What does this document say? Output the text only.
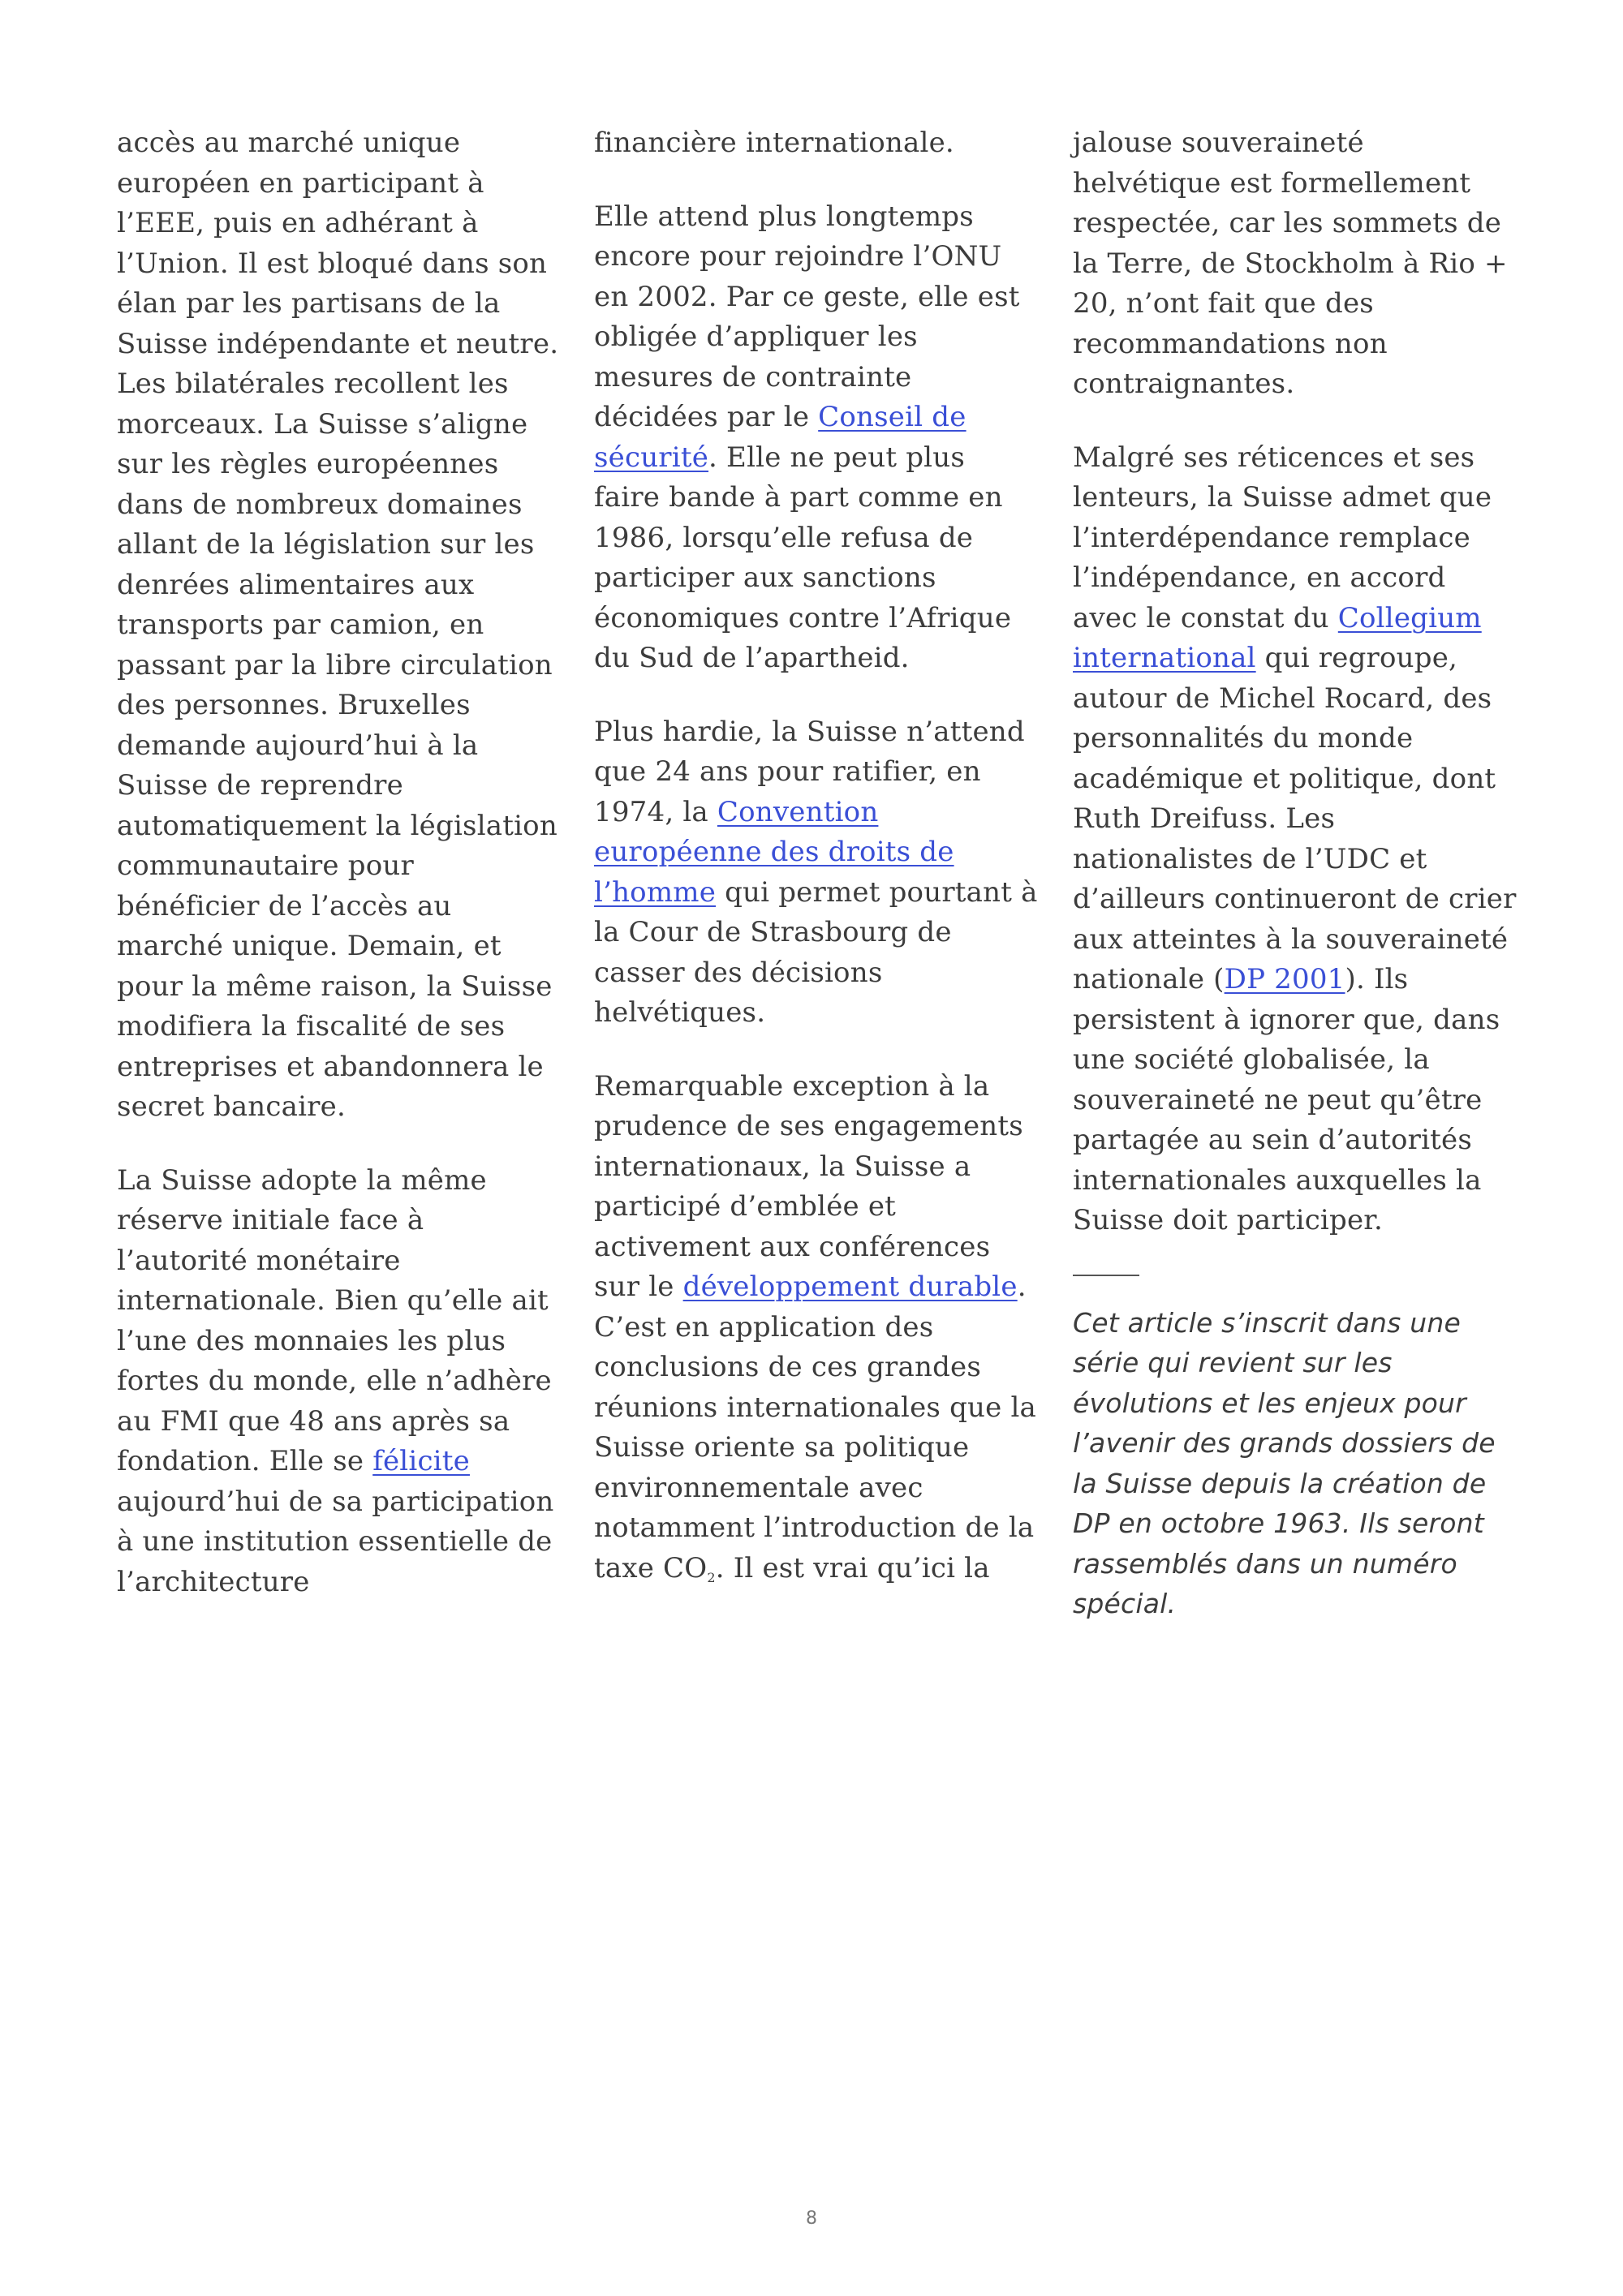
accès au marché unique européen en participant à l’EEE, puis en adhérant à l’Union. Il est bloqué dans son élan par les partisans de la Suisse indépendante et neutre. Les bilatérales recollent les morceaux. La Suisse s’aligne sur les règles européennes dans de nombreux domaines allant de la législation sur les denrées alimentaires aux transports par camion, en passant par la libre circulation des personnes. Bruxelles demande aujourd’hui à la Suisse de reprendre automatiquement la législation communautaire pour bénéficier de l’accès au marché unique. Demain, et pour la même raison, la Suisse modifiera la fiscalité de ses entreprises et abandonnera le secret bancaire.

La Suisse adopte la même réserve initiale face à l’autorité monétaire internationale. Bien qu’elle ait l’une des monnaies les plus fortes du monde, elle n’adhère au FMI que 48 ans après sa fondation. Elle se félicite aujourd’hui de sa participation à une institution essentielle de l’architecture

financière internationale.

Elle attend plus longtemps encore pour rejoindre l’ONU en 2002. Par ce geste, elle est obligée d’appliquer les mesures de contrainte décidées par le Conseil de sécurité. Elle ne peut plus faire bande à part comme en 1986, lorsqu’elle refusa de participer aux sanctions économiques contre l’Afrique du Sud de l’apartheid.

Plus hardie, la Suisse n’attend que 24 ans pour ratifier, en 1974, la Convention européenne des droits de l’homme qui permet pourtant à la Cour de Strasbourg de casser des décisions helvétiques.

Remarquable exception à la prudence de ses engagements internationaux, la Suisse a participé d’emblée et activement aux conférences sur le développement durable. C’est en application des conclusions de ces grandes réunions internationales que la Suisse oriente sa politique environnementale avec notamment l’introduction de la taxe $CO_2$. Il est vrai qu’ici la

jalouse souveraineté helvétique est formellement respectée, car les sommets de la Terre, de Stockholm à Rio + 20, n’ont fait que des recommandations non contraignantes.

Malgré ses réticences et ses lenteurs, la Suisse admet que l’interdépendance remplace l’indépendance, en accord avec le constat du Collegium international qui regroupe, autour de Michel Rocard, des personnalités du monde académique et politique, dont Ruth Dreifuss. Les nationalistes de l’UDC et d’ailleurs continueront de crier aux atteintes à la souveraineté nationale (DP 2001). Ils persistent à ignorer que, dans une société globalisée, la souveraineté ne peut qu’être partagée au sein d’autorités internationales auxquelles la Suisse doit participer.

Cet article s’inscrit dans une série qui revient sur les évolutions et les enjeux pour l’avenir des grands dossiers de la Suisse depuis la création de DP en octobre 1963. Ils seront rassemblés dans un numéro spécial.

8
